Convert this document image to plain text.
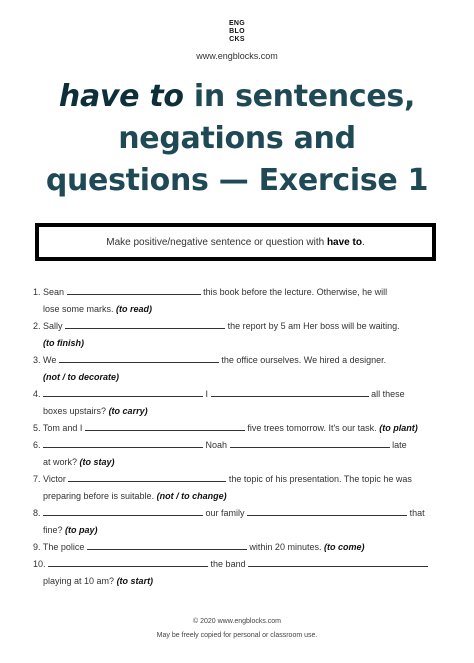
ENG
BLO
CKS
www.engblocks.com
have to in sentences,
negations and
questions — Exercise 1
Make positive/negative sentence or question with have to.
1. Sean	this book before the lecture. Otherwise, he will
lose some marks. (to read)
2. Sally	the report by 5 am Her boss will be waiting.
(to finish)
3. We	the office ourselves. We hired a designer.
(not / to decorate)
4.	I	all these
boxes upstairs? (to carry)
5. Tom and I	five trees tomorrow. It's our task. (to plant)
6.	Noah	late
at work? (to stay)
7. Victor	the topic of his presentation. The topic he was
preparing before is suitable. (not / to change)
8.	our family	that
fine? (to pay)
9. The police	within 20 minutes. (to come)
10.	the band
playing at 10 am? (to start)
© 2020 www.engblocks.com
May be freely copied for personal or classroom use.
